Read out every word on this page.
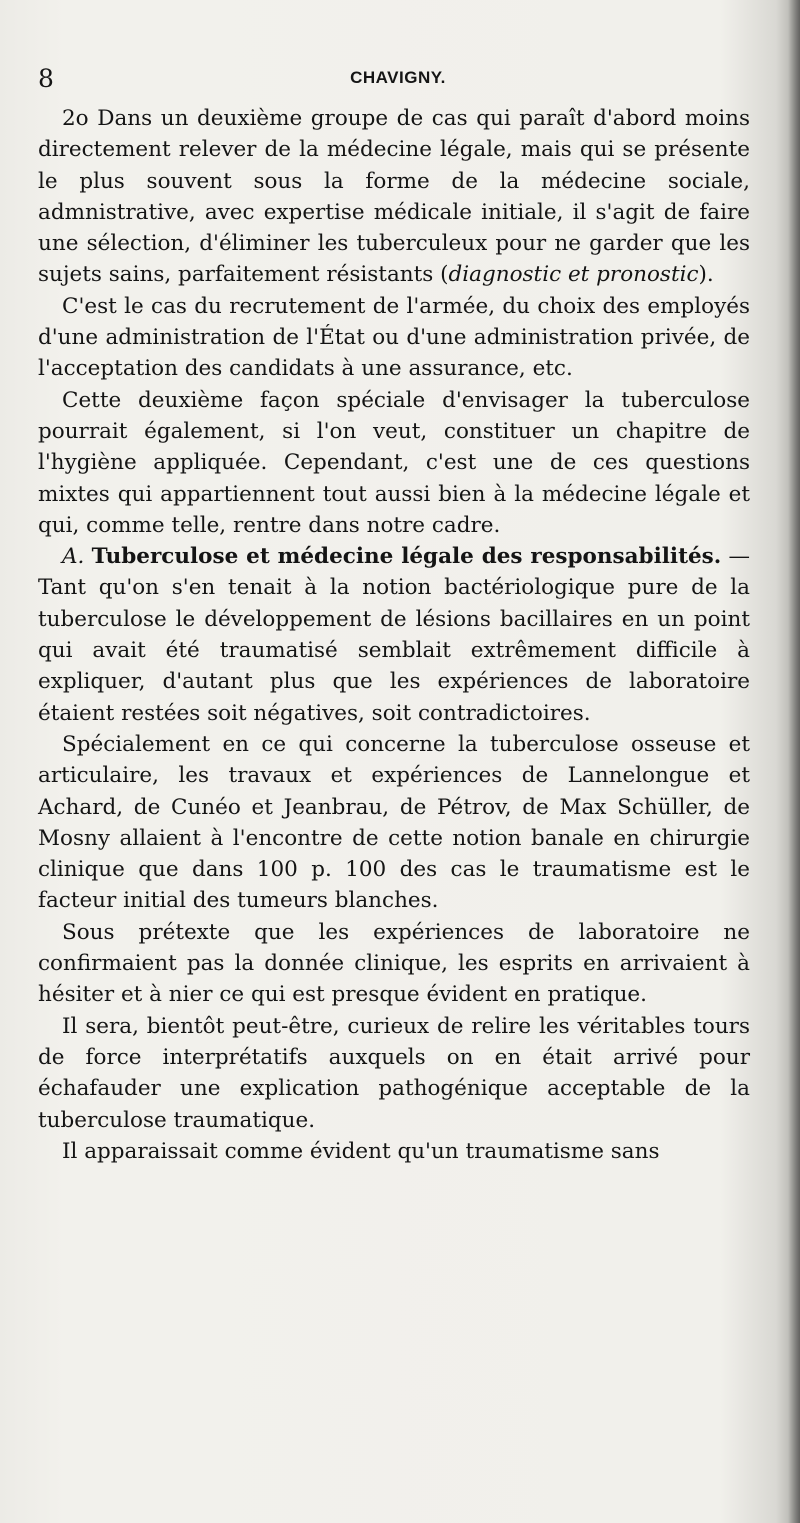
8	CHAVIGNY.

2o Dans un deuxième groupe de cas qui paraît d'abord moins directement relever de la médecine légale, mais qui se présente le plus souvent sous la forme de la médecine sociale, admnistrative, avec expertise médicale initiale, il s'agit de faire une sélection, d'éliminer les tuberculeux pour ne garder que les sujets sains, parfaitement résistants (diagnostic et pronostic).

C'est le cas du recrutement de l'armée, du choix des employés d'une administration de l'État ou d'une administration privée, de l'acceptation des candidats à une assurance, etc.

Cette deuxième façon spéciale d'envisager la tuberculose pourrait également, si l'on veut, constituer un chapitre de l'hygiène appliquée. Cependant, c'est une de ces questions mixtes qui appartiennent tout aussi bien à la médecine légale et qui, comme telle, rentre dans notre cadre.

A. Tuberculose et médecine légale des responsabilités. —Tant qu'on s'en tenait à la notion bactériologique pure de la tuberculose le développement de lésions bacillaires en un point qui avait été traumatisé semblait extrêmement difficile à expliquer, d'autant plus que les expériences de laboratoire étaient restées soit négatives, soit contradictoires.

Spécialement en ce qui concerne la tuberculose osseuse et articulaire, les travaux et expériences de Lannelongue et Achard, de Cunéo et Jeanbrau, de Pétrov, de Max Schüller, de Mosny allaient à l'encontre de cette notion banale en chirurgie clinique que dans 100 p. 100 des cas le traumatisme est le facteur initial des tumeurs blanches.

Sous prétexte que les expériences de laboratoire ne confirmaient pas la donnée clinique, les esprits en arrivaient à hésiter et à nier ce qui est presque évident en pratique.

Il sera, bientôt peut-être, curieux de relire les véritables tours de force interprétatifs auxquels on en était arrivé pour échafauder une explication pathogénique acceptable de la tuberculose traumatique.

Il apparaissait comme évident qu'un traumatisme sans
